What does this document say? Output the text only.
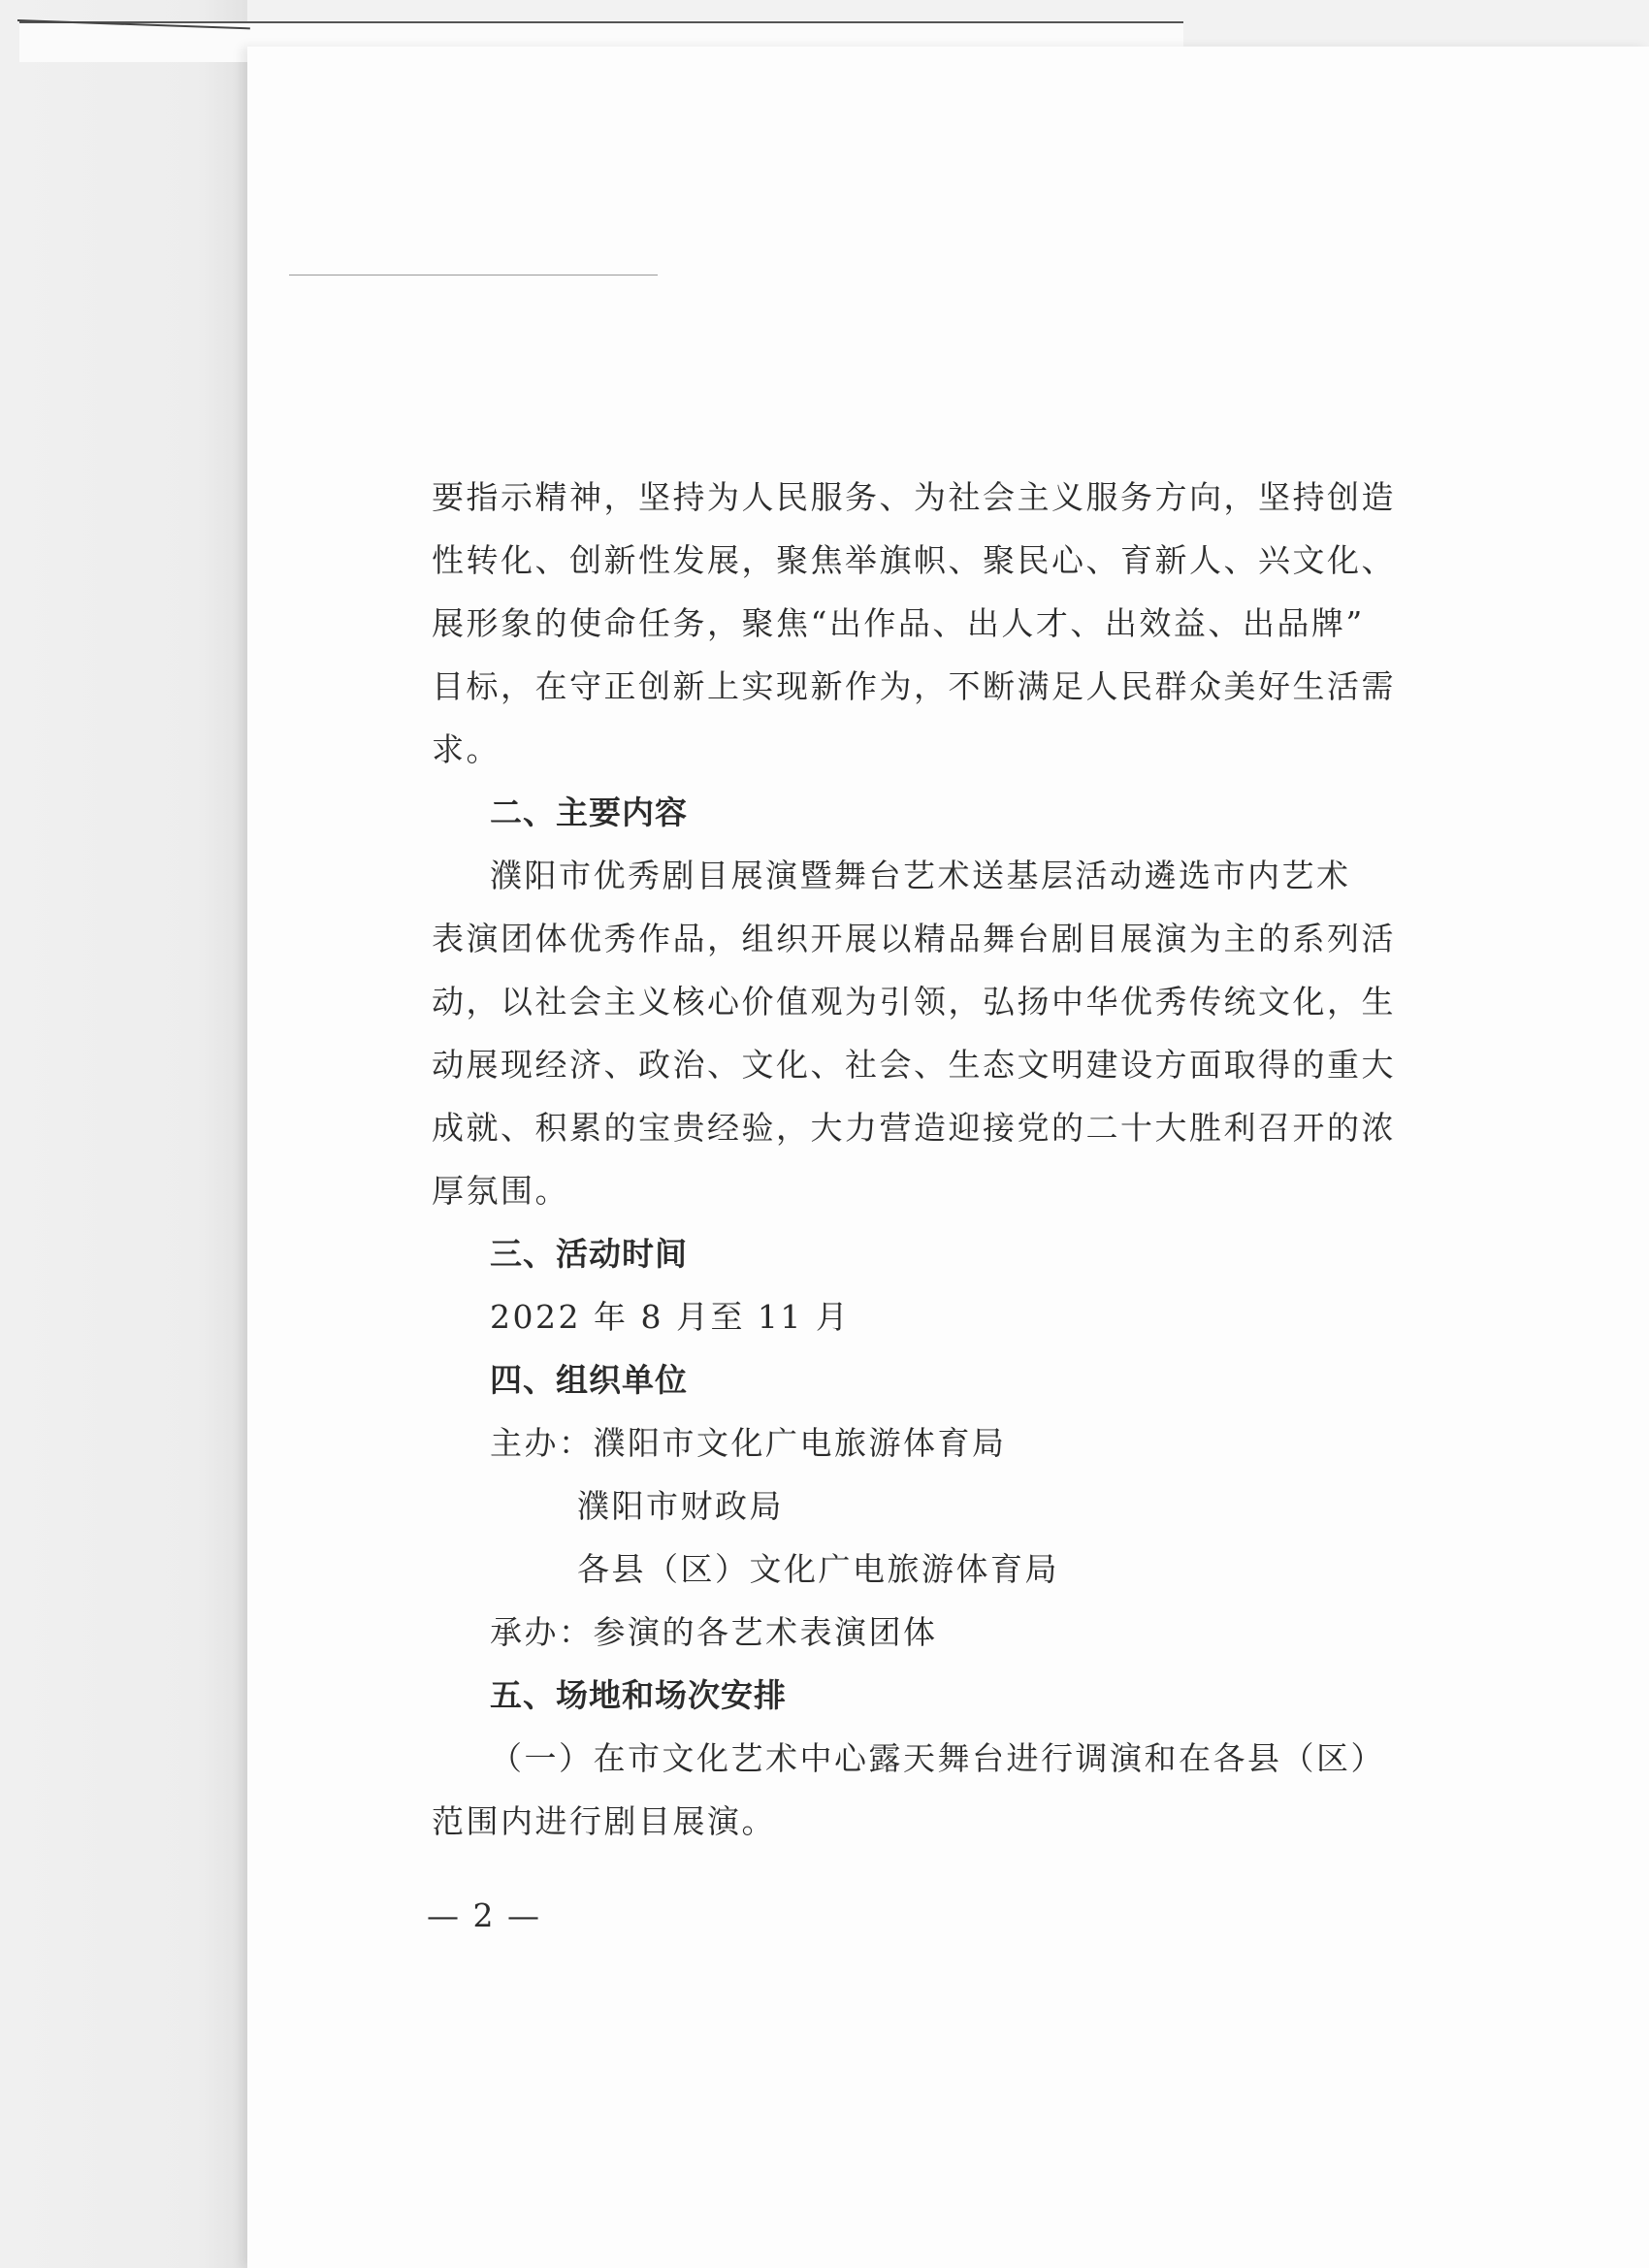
要指示精神，坚持为人民服务、为社会主义服务方向，坚持创造
性转化、创新性发展，聚焦举旗帜、聚民心、育新人、兴文化、
展形象的使命任务，聚焦“出作品、出人才、出效益、出品牌”
目标，在守正创新上实现新作为，不断满足人民群众美好生活需
求。
二、主要内容
濮阳市优秀剧目展演暨舞台艺术送基层活动遴选市内艺术
表演团体优秀作品，组织开展以精品舞台剧目展演为主的系列活
动，以社会主义核心价值观为引领，弘扬中华优秀传统文化，生
动展现经济、政治、文化、社会、生态文明建设方面取得的重大
成就、积累的宝贵经验，大力营造迎接党的二十大胜利召开的浓
厚氛围。
三、活动时间
2022 年 8 月至 11 月
四、组织单位
主办：濮阳市文化广电旅游体育局
濮阳市财政局
各县（区）文化广电旅游体育局
承办：参演的各艺术表演团体
五、场地和场次安排
（一）在市文化艺术中心露天舞台进行调演和在各县（区）
范围内进行剧目展演。
— 2 —
